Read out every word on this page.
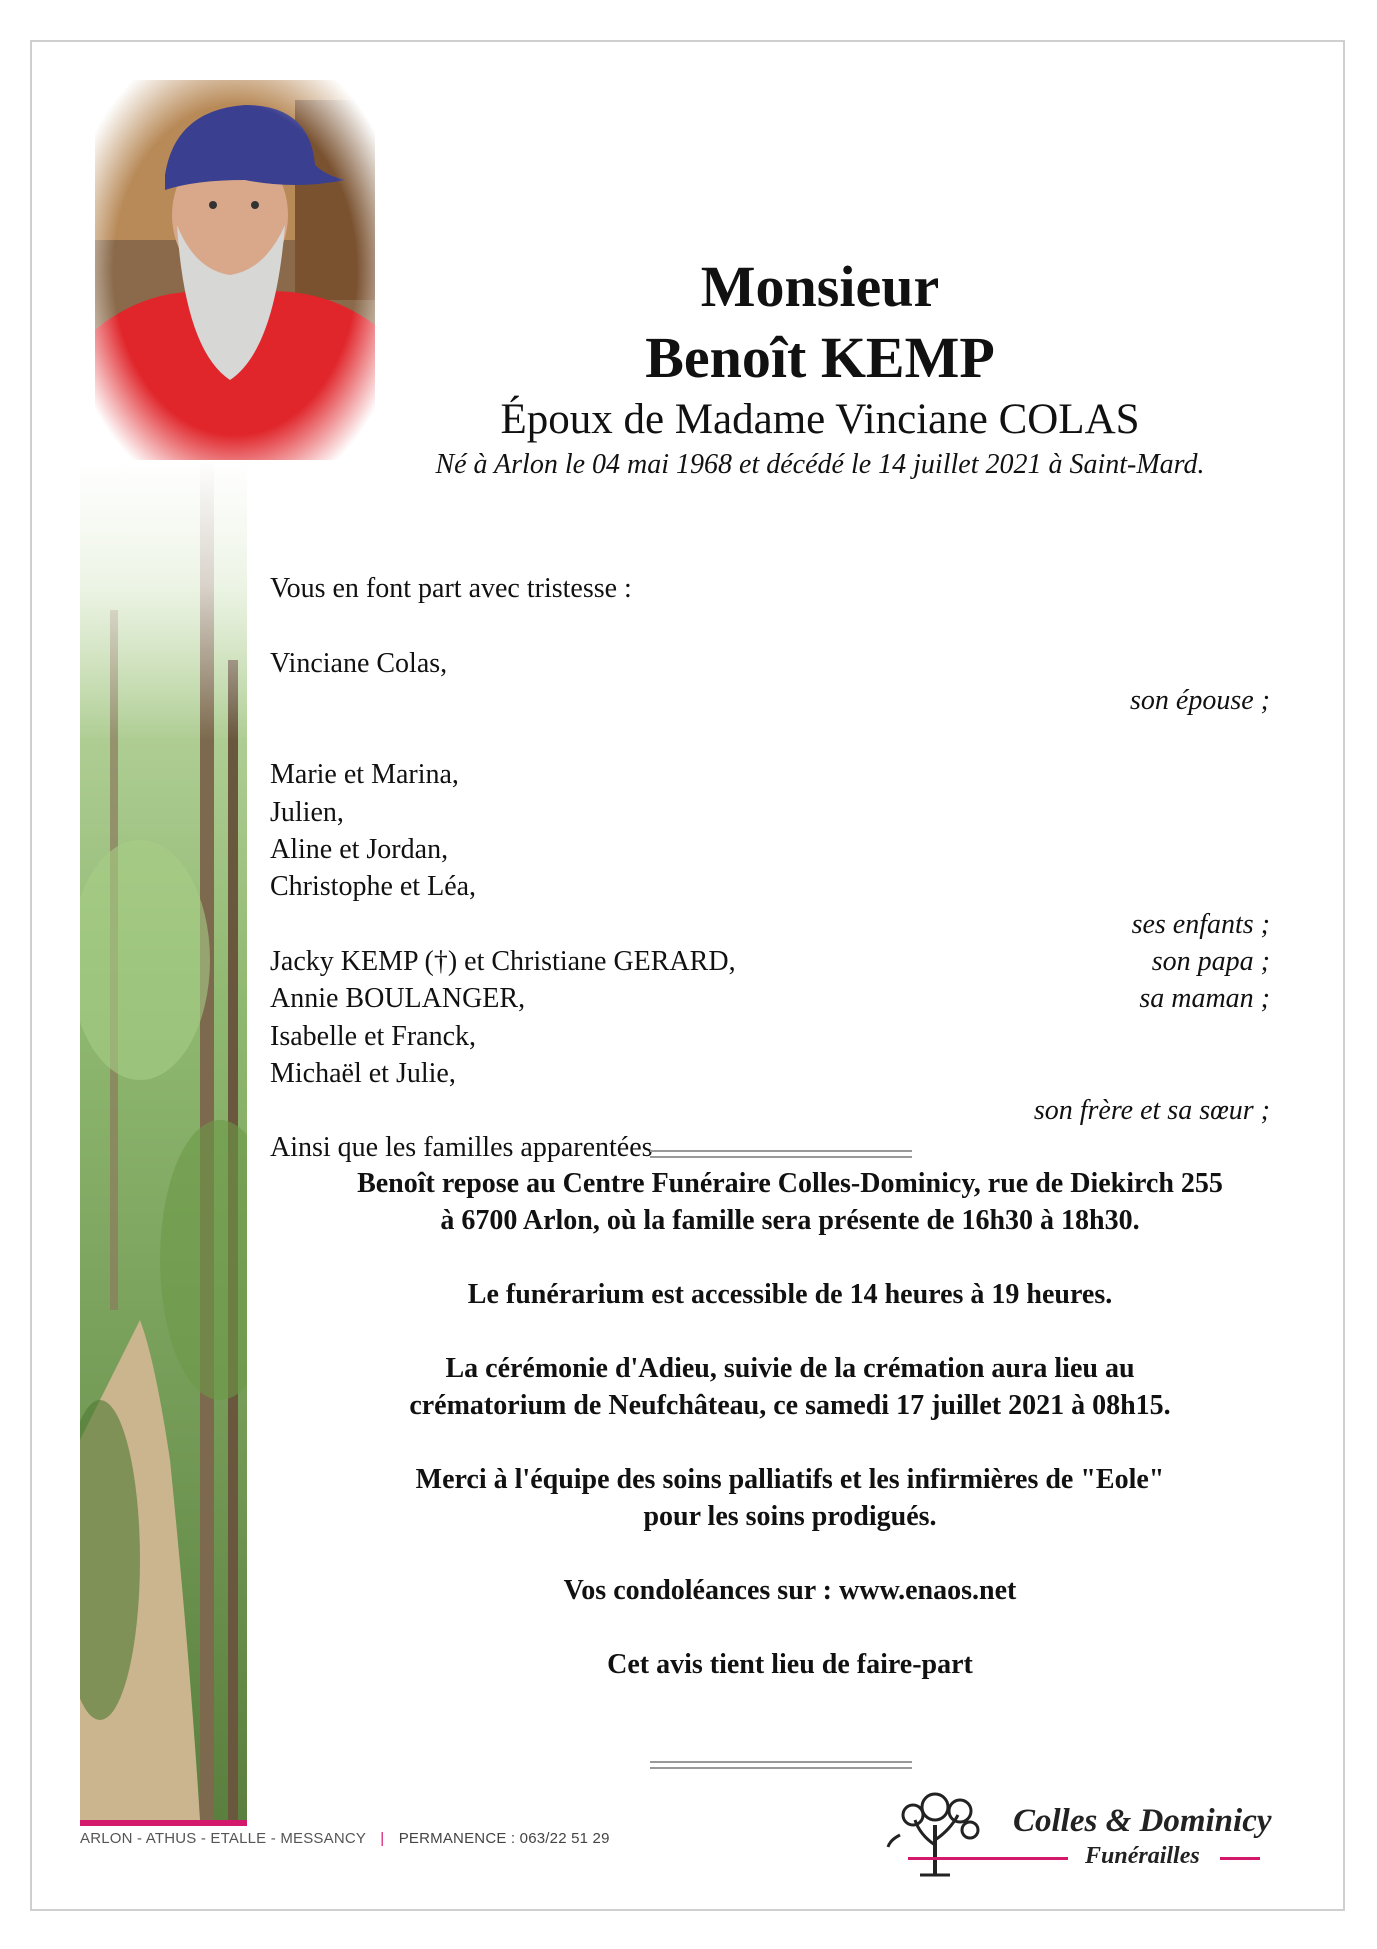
Monsieur
Benoît KEMP
Époux de Madame Vinciane COLAS
Né à Arlon le 04 mai 1968 et décédé le 14 juillet 2021 à Saint-Mard.
Vous en font part avec tristesse :
Vinciane Colas,
son épouse ;
Marie et Marina,
Julien,
Aline et Jordan,
Christophe et Léa,
ses enfants ;
Jacky KEMP (†) et Christiane GERARD,	son papa ;
Annie BOULANGER,	sa maman ;
Isabelle et Franck,
Michaël et Julie,
son frère et sa sœur ;
Ainsi que les familles apparentées

Benoît repose au Centre Funéraire Colles-Dominicy, rue de Diekirch 255
à 6700 Arlon, où la famille sera présente de 16h30 à 18h30.

Le funérarium est accessible de 14 heures à 19 heures.

La cérémonie d'Adieu, suivie de la crémation aura lieu au
crématorium de Neufchâteau, ce samedi 17 juillet 2021 à 08h15.

Merci à l'équipe des soins palliatifs et les infirmières de "Eole"
pour les soins prodigués.

Vos condoléances sur : www.enaos.net

Cet avis tient lieu de faire-part

ARLON - ATHUS - ETALLE - MESSANCY | PERMANENCE : 063/22 51 29	Colles & Dominicy
Funérailles
